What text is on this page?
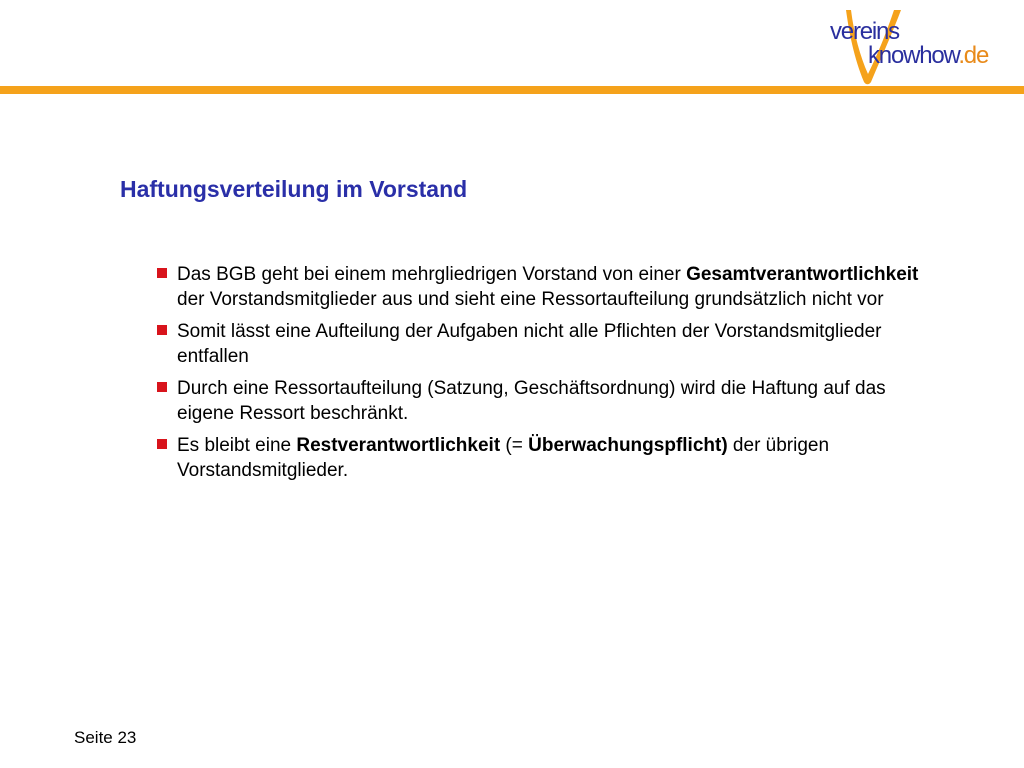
vereins
knowhow.de
Haftungsverteilung im Vorstand
Das BGB geht bei einem mehrgliedrigen Vorstand von einer Gesamtverantwortlichkeit der Vorstandsmitglieder aus und sieht eine Ressortaufteilung grundsätzlich nicht vor
Somit lässt eine Aufteilung der Aufgaben nicht alle Pflichten der Vorstandsmitglieder entfallen
Durch eine Ressortaufteilung (Satzung, Geschäftsordnung) wird die Haftung auf das eigene Ressort beschränkt.
Es bleibt eine Restverantwortlichkeit (= Überwachungspflicht) der übrigen Vorstandsmitglieder.
Seite 23
